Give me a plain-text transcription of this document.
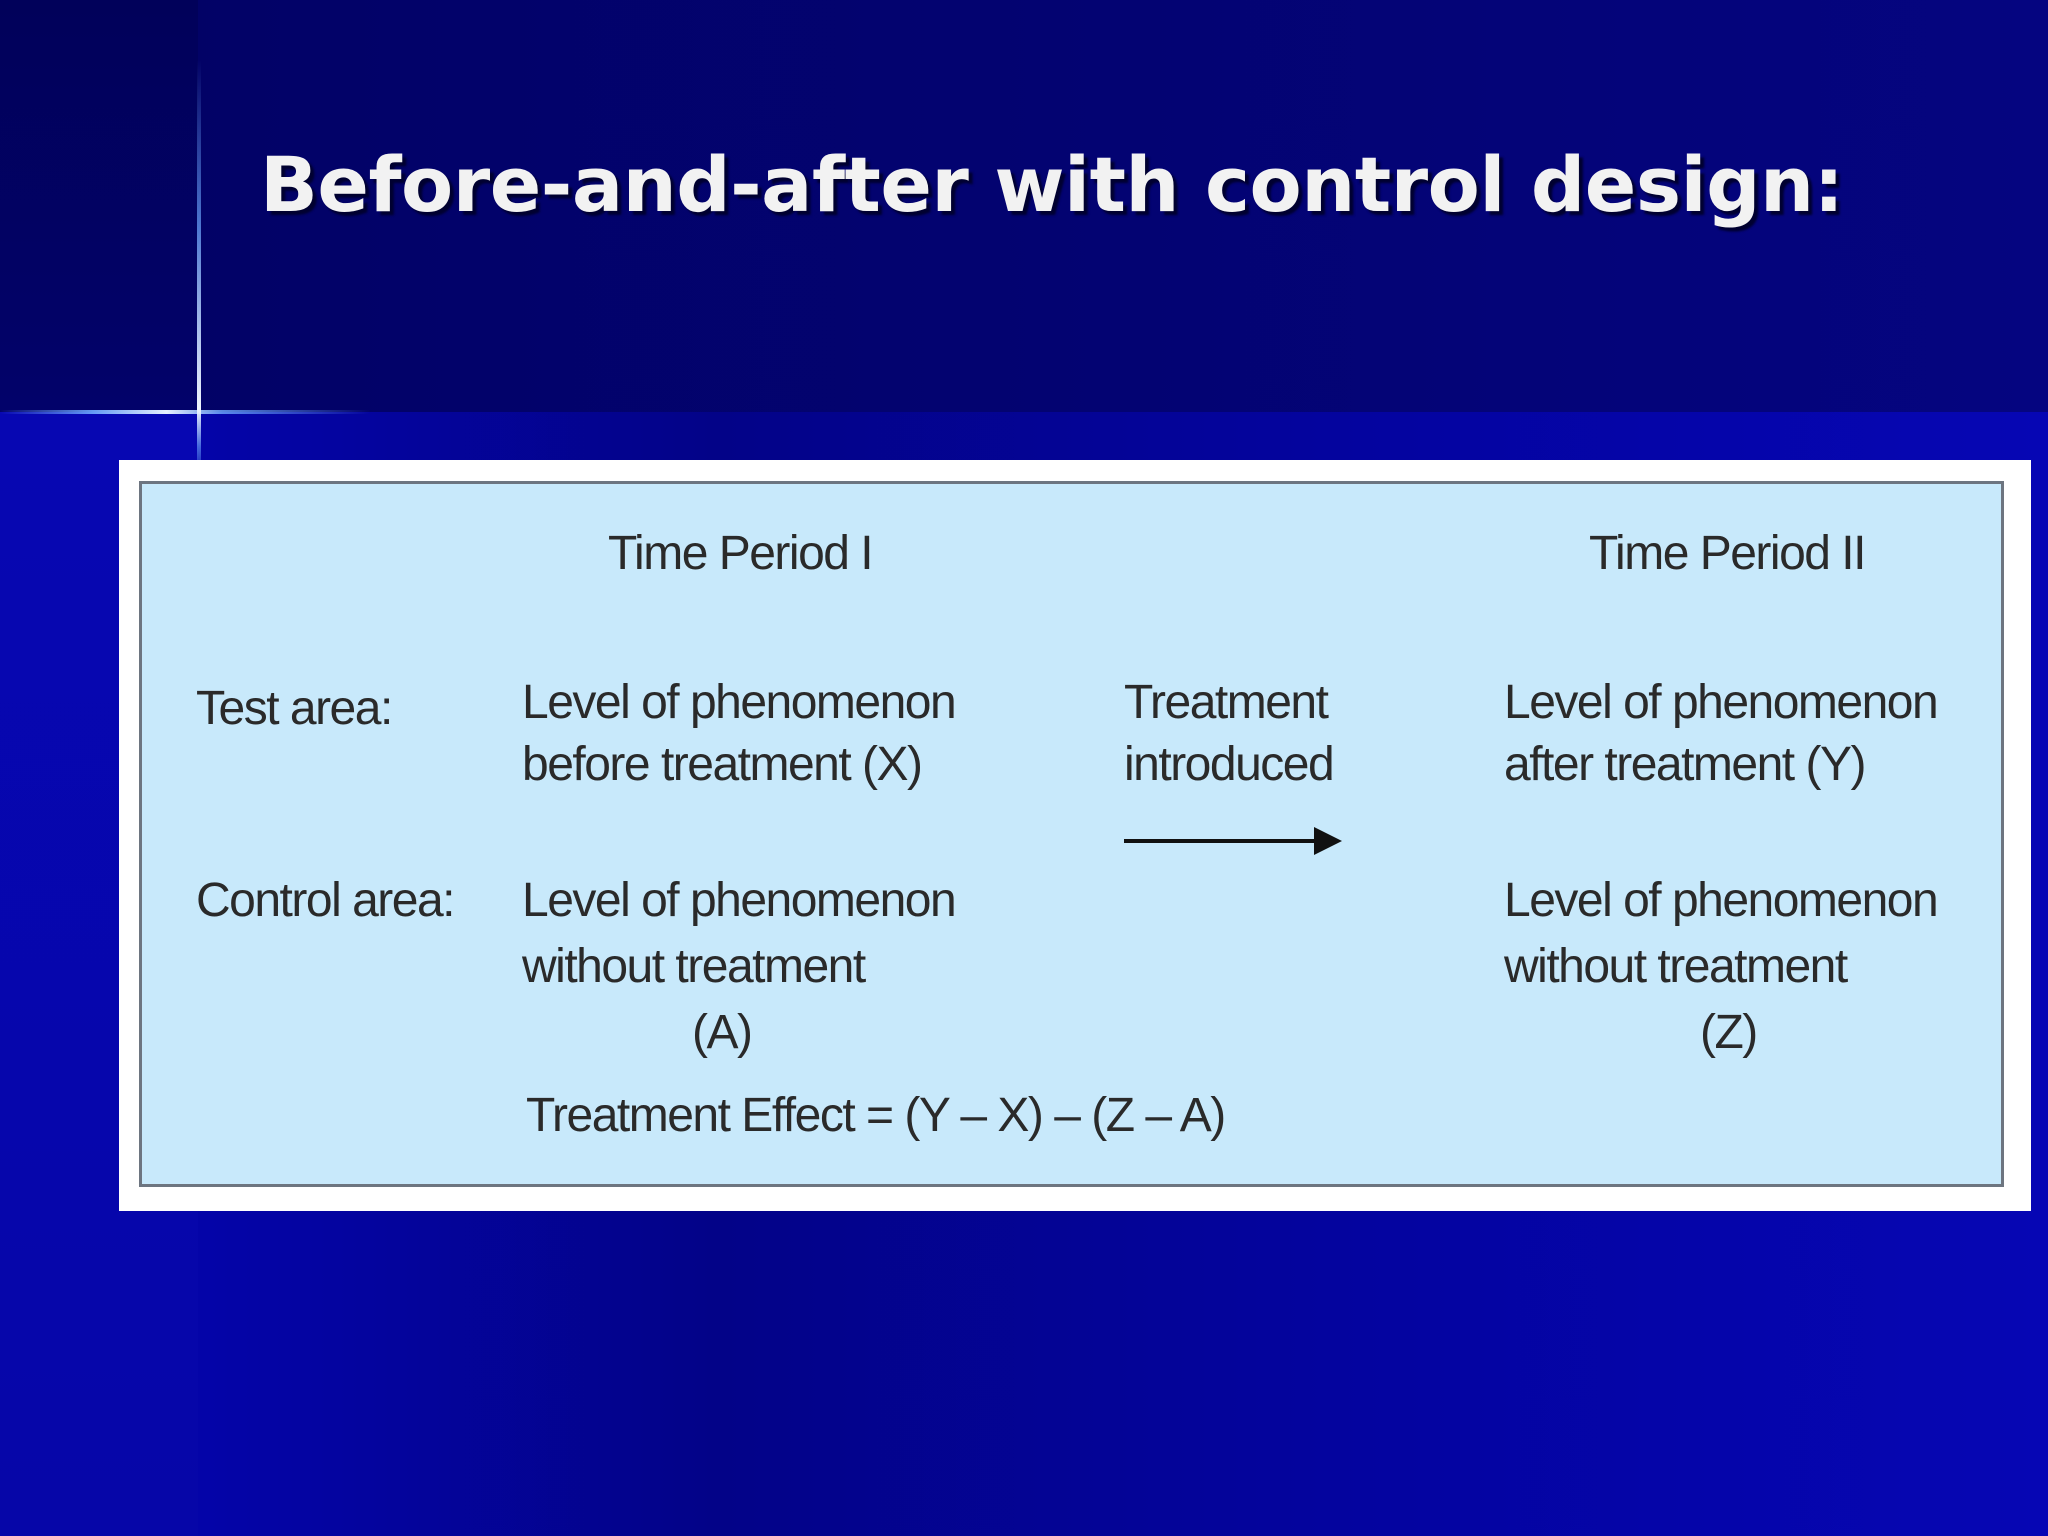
Before-and-after with control design:
Time Period I	Time Period II
Test area:
Control area:
Level of phenomenon
before treatment (X)
Treatment
introduced
Level of phenomenon
after treatment (Y)
Level of phenomenon
without treatment
(A)
Level of phenomenon
without treatment
(Z)
Treatment Effect = (Y – X) – (Z – A)
